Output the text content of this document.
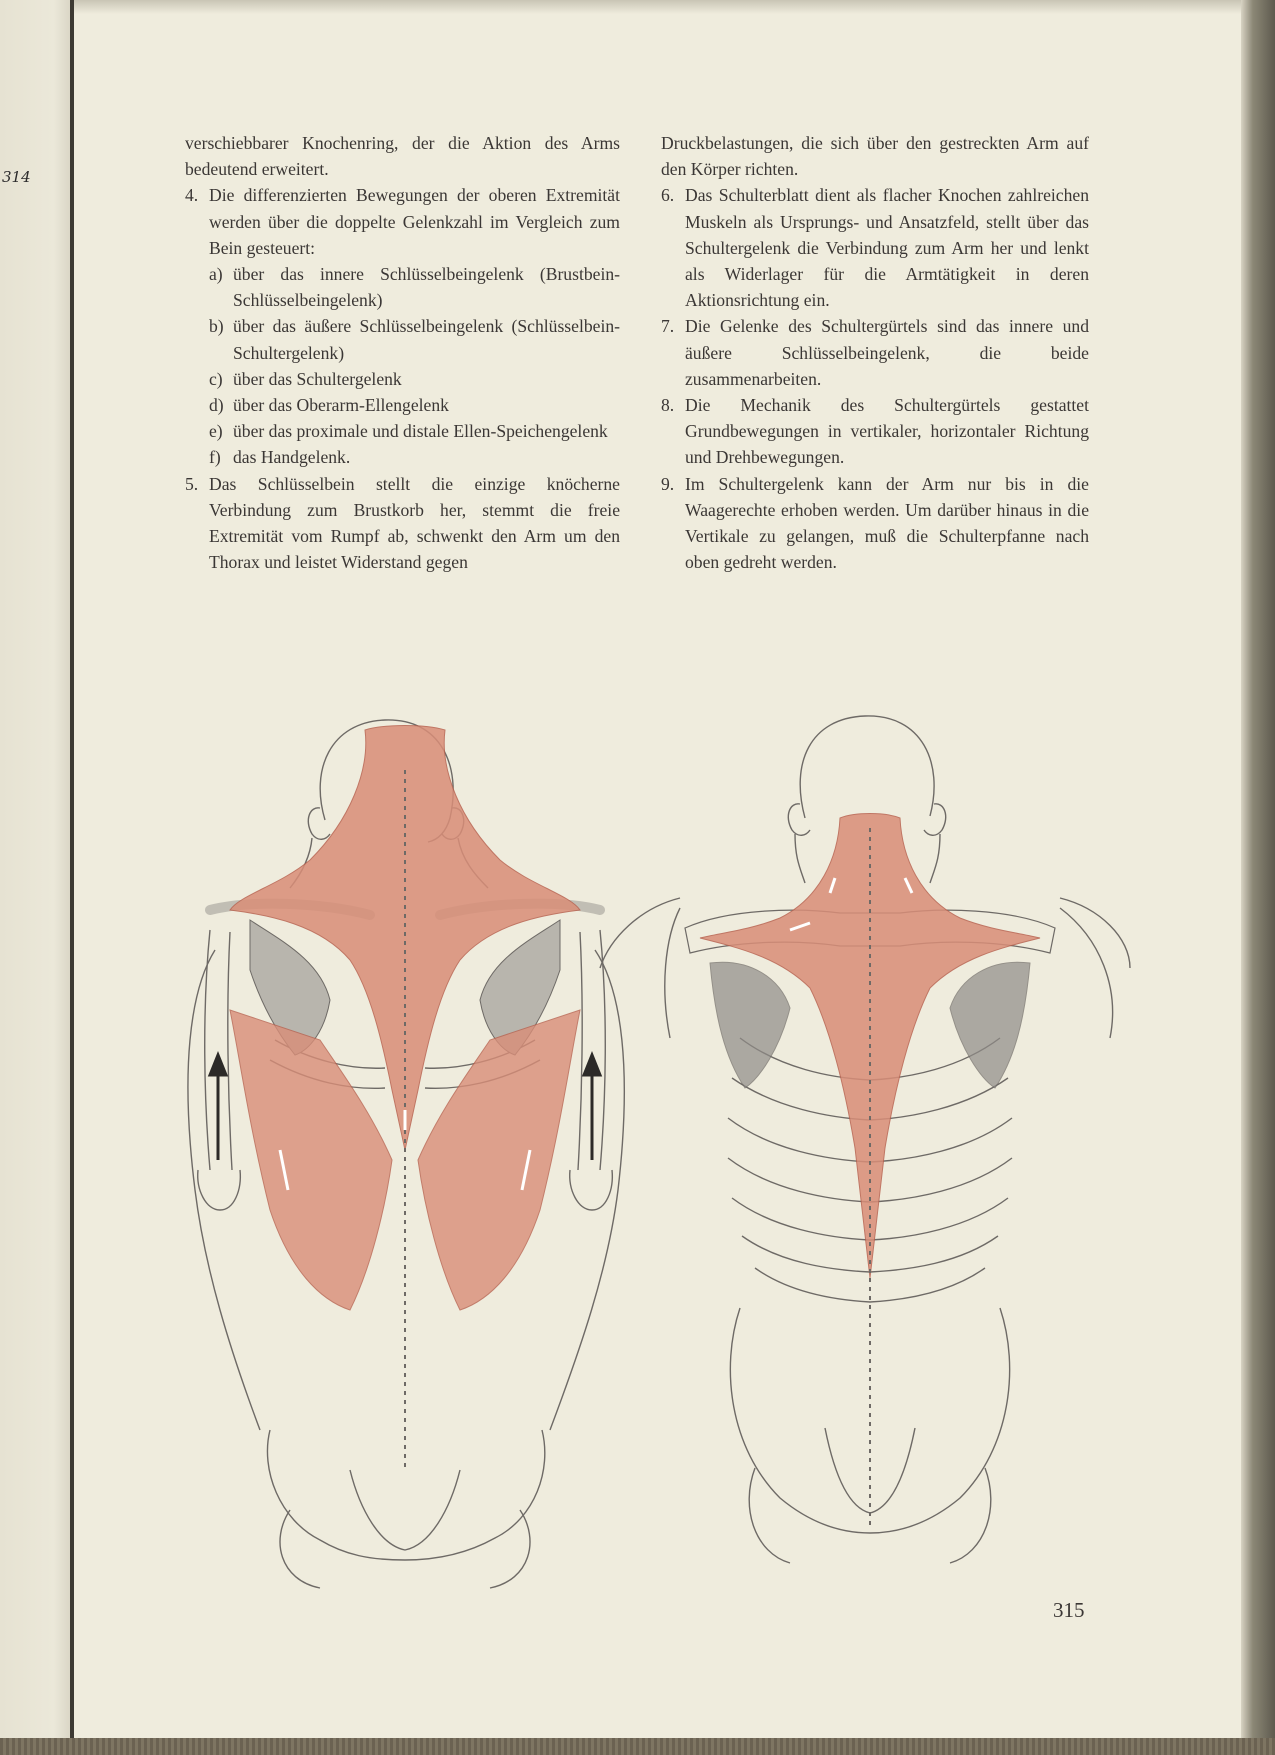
314

verschiebbarer Knochenring, der die Aktion des Arms bedeutend erweitert.

4. Die differenzierten Bewegungen der oberen Extremität werden über die doppelte Gelenkzahl im Vergleich zum Bein gesteuert:
a) über das innere Schlüsselbeingelenk (Brustbein-Schlüsselbeingelenk)
b) über das äußere Schlüsselbeingelenk (Schlüsselbein-Schultergelenk)
c) über das Schultergelenk
d) über das Oberarm-Ellengelenk
e) über das proximale und distale Ellen-Speichengelenk
f) das Handgelenk.
5. Das Schlüsselbein stellt die einzige knöcherne Verbindung zum Brustkorb her, stemmt die freie Extremität vom Rumpf ab, schwenkt den Arm um den Thorax und leistet Widerstand gegen

Druckbelastungen, die sich über den gestreckten Arm auf den Körper richten.

6. Das Schulterblatt dient als flacher Knochen zahlreichen Muskeln als Ursprungs- und Ansatzfeld, stellt über das Schultergelenk die Verbindung zum Arm her und lenkt als Widerlager für die Armtätigkeit in deren Aktionsrichtung ein.
7. Die Gelenke des Schultergürtels sind das innere und äußere Schlüsselbeingelenk, die beide zusammenarbeiten.
8. Die Mechanik des Schultergürtels gestattet Grundbewegungen in vertikaler, horizontaler Richtung und Drehbewegungen.
9. Im Schultergelenk kann der Arm nur bis in die Waagerechte erhoben werden. Um darüber hinaus in die Vertikale zu gelangen, muß die Schulterpfanne nach oben gedreht werden.
315
